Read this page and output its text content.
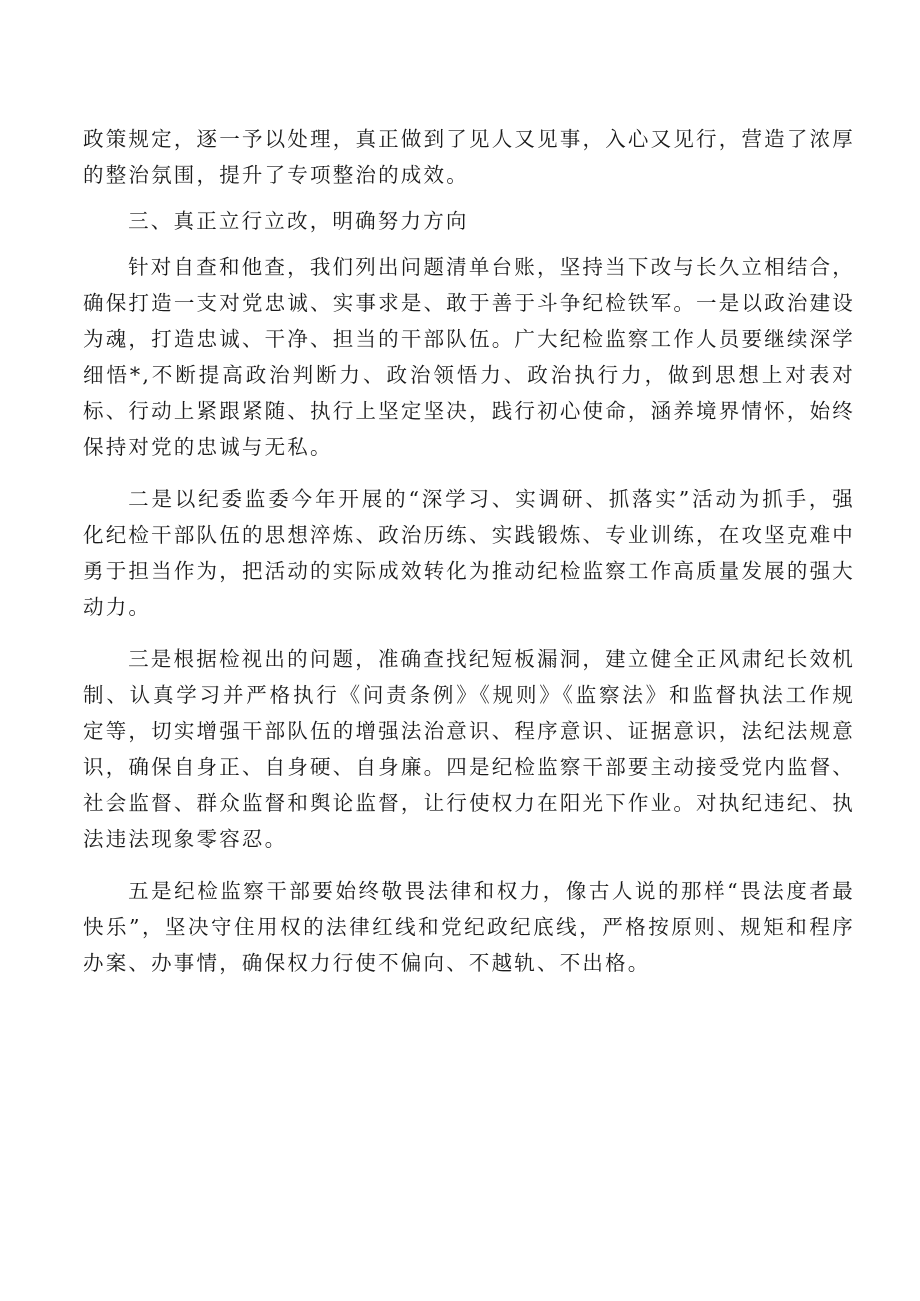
政策规定，逐一予以处理，真正做到了见人又见事，入心又见行，营造了浓厚的整治氛围，提升了专项整治的成效。

三、真正立行立改，明确努力方向

针对自查和他查，我们列出问题清单台账，坚持当下改与长久立相结合，确保打造一支对党忠诚、实事求是、敢于善于斗争纪检铁军。一是以政治建设为魂，打造忠诚、干净、担当的干部队伍。广大纪检监察工作人员要继续深学细悟*,不断提高政治判断力、政治领悟力、政治执行力，做到思想上对表对标、行动上紧跟紧随、执行上坚定坚决，践行初心使命，涵养境界情怀，始终保持对党的忠诚与无私。

二是以纪委监委今年开展的“深学习、实调研、抓落实”活动为抓手，强化纪检干部队伍的思想淬炼、政治历练、实践锻炼、专业训练，在攻坚克难中勇于担当作为，把活动的实际成效转化为推动纪检监察工作高质量发展的强大动力。

三是根据检视出的问题，准确查找纪短板漏洞，建立健全正风肃纪长效机制、认真学习并严格执行《问责条例》《规则》《监察法》和监督执法工作规定等，切实增强干部队伍的增强法治意识、程序意识、证据意识，法纪法规意识，确保自身正、自身硬、自身廉。四是纪检监察干部要主动接受党内监督、社会监督、群众监督和舆论监督，让行使权力在阳光下作业。对执纪违纪、执法违法现象零容忍。

五是纪检监察干部要始终敬畏法律和权力，像古人说的那样“畏法度者最快乐”，坚决守住用权的法律红线和党纪政纪底线，严格按原则、规矩和程序办案、办事情，确保权力行使不偏向、不越轨、不出格。
